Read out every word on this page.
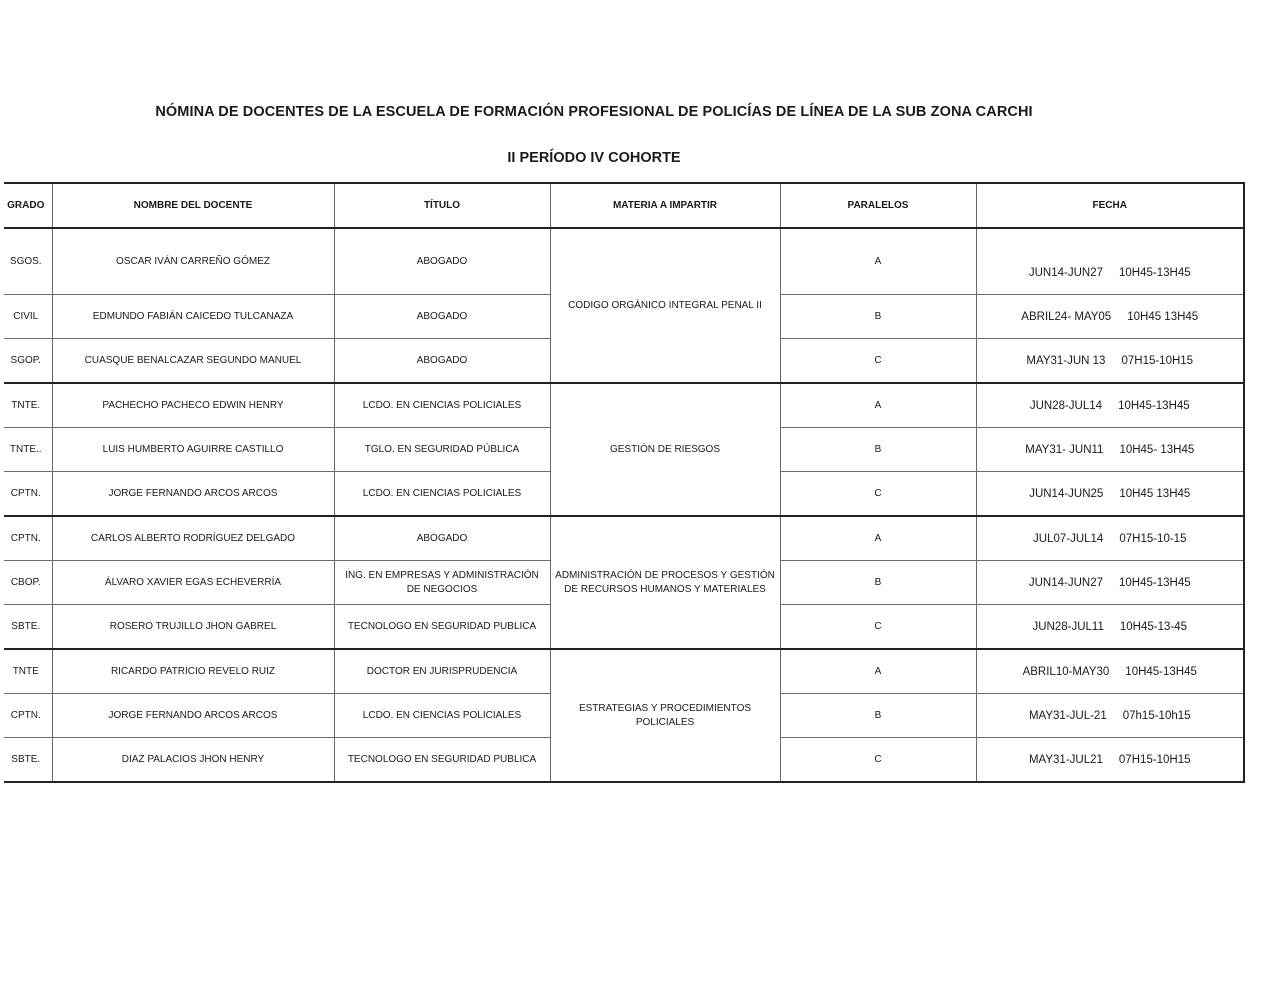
NÓMINA DE DOCENTES DE LA ESCUELA DE FORMACIÓN PROFESIONAL DE POLICÍAS DE LÍNEA DE LA SUB ZONA CARCHI
II PERÍODO IV COHORTE
GRADO	NOMBRE DEL DOCENTE	TÍTULO	MATERIA A IMPARTIR	PARALELOS	FECHA
SGOS.	OSCAR IVÁN CARREÑO GÓMEZ	ABOGADO	CODIGO ORGÁNICO INTEGRAL PENAL II	A	JUN14-JUN27 10H45-13H45
CIVIL	EDMUNDO FABIÁN CAICEDO TULCANAZA	ABOGADO		B	ABRIL24- MAY05 10H45 13H45
SGOP.	CUASQUE BENALCAZAR SEGUNDO MANUEL	ABOGADO		C	MAY31-JUN 13 07H15-10H15
TNTE.	PACHECHO PACHECO EDWIN HENRY	LCDO. EN CIENCIAS POLICIALES	GESTIÓN DE RIESGOS	A	JUN28-JUL14 10H45-13H45
TNTE..	LUIS HUMBERTO AGUIRRE CASTILLO	TGLO. EN SEGURIDAD PÚBLICA		B	MAY31- JUN11 10H45- 13H45
CPTN.	JORGE FERNANDO ARCOS ARCOS	LCDO. EN CIENCIAS POLICIALES		C	JUN14-JUN25 10H45 13H45
CPTN.	CARLOS ALBERTO RODRÍGUEZ DELGADO	ABOGADO	ADMINISTRACIÓN DE PROCESOS Y GESTIÓN DE RECURSOS HUMANOS Y MATERIALES	A	JUL07-JUL14 07H15-10-15
CBOP.	ÁLVARO XAVIER EGAS ECHEVERRÍA	ING. EN EMPRESAS Y ADMINISTRACIÓN DE NEGOCIOS		B	JUN14-JUN27 10H45-13H45
SBTE.	ROSERO TRUJILLO JHON GABREL	TECNOLOGO EN SEGURIDAD PUBLICA		C	JUN28-JUL11 10H45-13-45
TNTE	RICARDO PATRICIO REVELO RUIZ	DOCTOR EN JURISPRUDENCIA	ESTRATEGIAS Y PROCEDIMIENTOS POLICIALES	A	ABRIL10-MAY30 10H45-13H45
CPTN.	JORGE FERNANDO ARCOS ARCOS	LCDO. EN CIENCIAS POLICIALES		B	MAY31-JUL-21 07h15-10h15
SBTE.	DIAZ PALACIOS JHON HENRY	TECNOLOGO EN SEGURIDAD PUBLICA		C	MAY31-JUL21 07H15-10H15
